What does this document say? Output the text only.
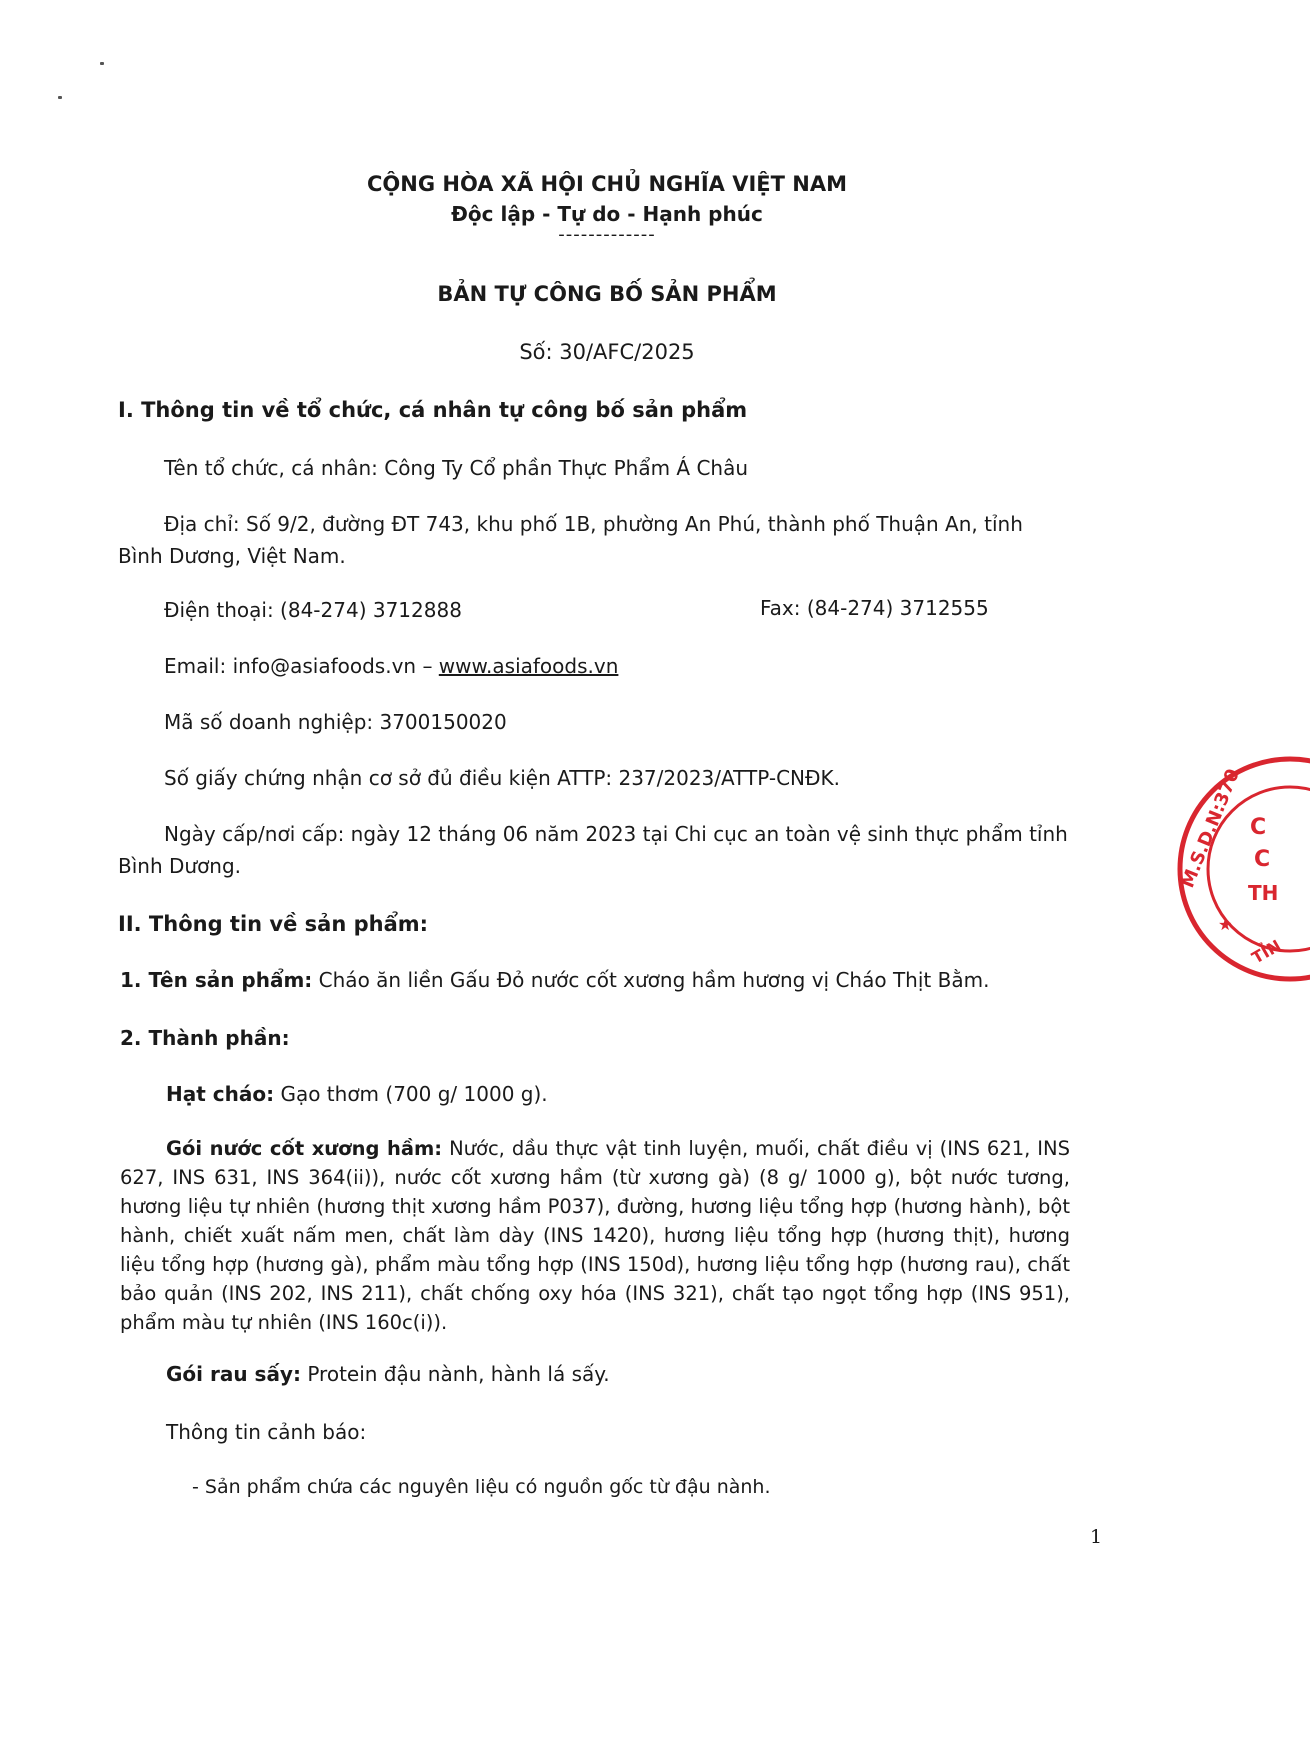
CỘNG HÒA XÃ HỘI CHỦ NGHĨA VIỆT NAM
Độc lập - Tự do - Hạnh phúc
-------------
BẢN TỰ CÔNG BỐ SẢN PHẨM
Số: 30/AFC/2025
I. Thông tin về tổ chức, cá nhân tự công bố sản phẩm
Tên tổ chức, cá nhân: Công Ty Cổ phần Thực Phẩm Á Châu
Địa chỉ: Số 9/2, đường ĐT 743, khu phố 1B, phường An Phú, thành phố Thuận An, tỉnh
Bình Dương, Việt Nam.
Điện thoại: (84-274) 3712888	Fax: (84-274) 3712555
Email: info@asiafoods.vn – www.asiafoods.vn
Mã số doanh nghiệp: 3700150020
Số giấy chứng nhận cơ sở đủ điều kiện ATTP: 237/2023/ATTP-CNĐK.
Ngày cấp/nơi cấp: ngày 12 tháng 06 năm 2023 tại Chi cục an toàn vệ sinh thực phẩm tỉnh
Bình Dương.
II. Thông tin về sản phẩm:
1. Tên sản phẩm: Cháo ăn liền Gấu Đỏ nước cốt xương hầm hương vị Cháo Thịt Bằm.
2. Thành phần:
Hạt cháo: Gạo thơm (700 g/ 1000 g).
Gói nước cốt xương hầm: Nước, dầu thực vật tinh luyện, muối, chất điều vị (INS 621, INS 627, INS 631, INS 364(ii)), nước cốt xương hầm (từ xương gà) (8 g/ 1000 g), bột nước tương, hương liệu tự nhiên (hương thịt xương hầm P037), đường, hương liệu tổng hợp (hương hành), bột hành, chiết xuất nấm men, chất làm dày (INS 1420), hương liệu tổng hợp (hương thịt), hương liệu tổng hợp (hương gà), phẩm màu tổng hợp (INS 150d), hương liệu tổng hợp (hương rau), chất bảo quản (INS 202, INS 211), chất chống oxy hóa (INS 321), chất tạo ngọt tổng hợp (INS 951), phẩm màu tự nhiên (INS 160c(i)).
Gói rau sấy: Protein đậu nành, hành lá sấy.
Thông tin cảnh báo:
- Sản phẩm chứa các nguyên liệu có nguồn gốc từ đậu nành.
1
M.S.D.N:370
★
C
C
TH
TỈN
